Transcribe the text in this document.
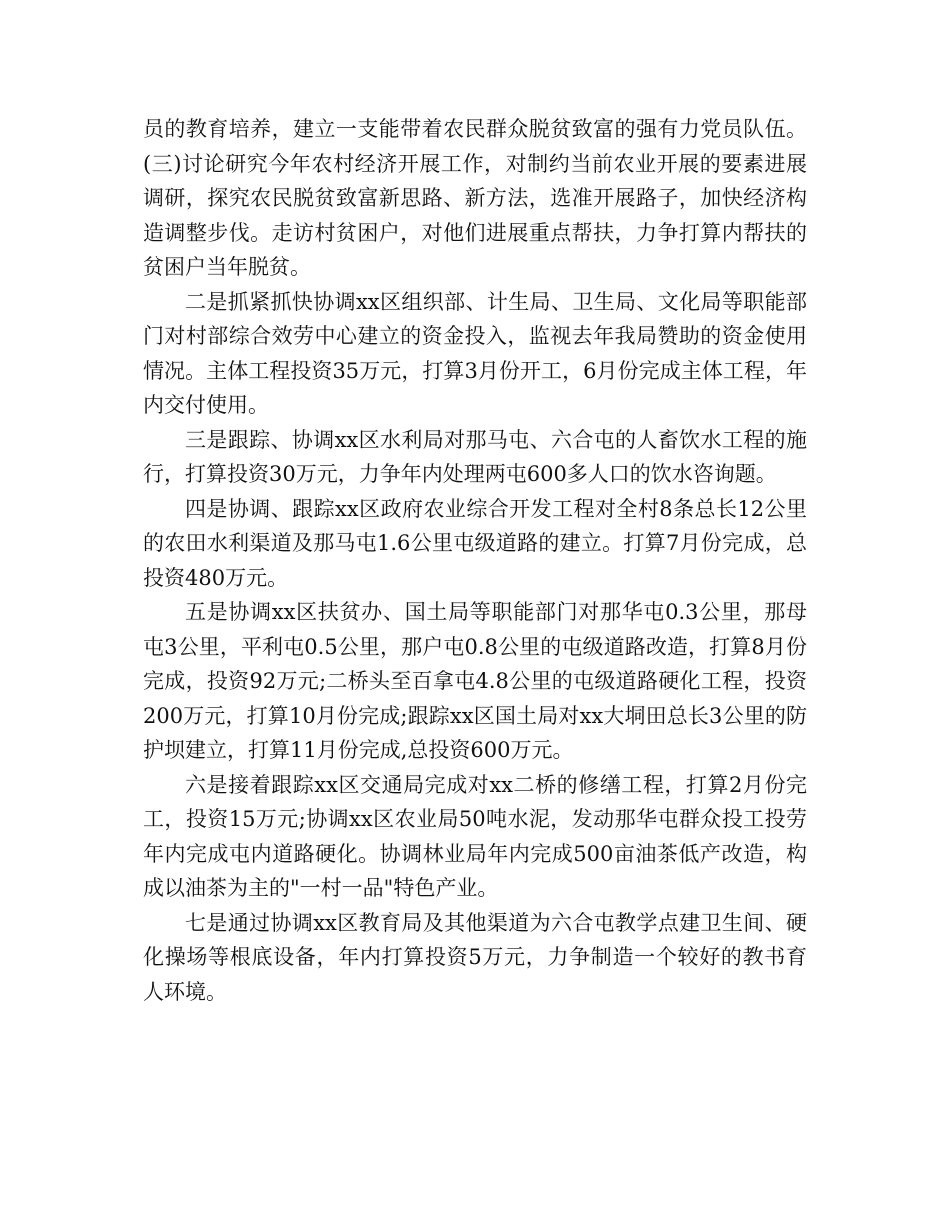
员的教育培养，建立一支能带着农民群众脱贫致富的强有力党员队伍。(三)讨论研究今年农村经济开展工作，对制约当前农业开展的要素进展调研，探究农民脱贫致富新思路、新方法，选准开展路子，加快经济构造调整步伐。走访村贫困户，对他们进展重点帮扶，力争打算内帮扶的贫困户当年脱贫。

二是抓紧抓快协调xx区组织部、计生局、卫生局、文化局等职能部门对村部综合效劳中心建立的资金投入，监视去年我局赞助的资金使用情况。主体工程投资35万元，打算3月份开工，6月份完成主体工程，年内交付使用。

三是跟踪、协调xx区水利局对那马屯、六合屯的人畜饮水工程的施行，打算投资30万元，力争年内处理两屯600多人口的饮水咨询题。

四是协调、跟踪xx区政府农业综合开发工程对全村8条总长12公里的农田水利渠道及那马屯1.6公里屯级道路的建立。打算7月份完成，总投资480万元。

五是协调xx区扶贫办、国土局等职能部门对那华屯0.3公里，那母屯3公里，平利屯0.5公里，那户屯0.8公里的屯级道路改造，打算8月份完成，投资92万元;二桥头至百拿屯4.8公里的屯级道路硬化工程，投资200万元，打算10月份完成;跟踪xx区国土局对xx大垌田总长3公里的防护坝建立，打算11月份完成,总投资600万元。

六是接着跟踪xx区交通局完成对xx二桥的修缮工程，打算2月份完工，投资15万元;协调xx区农业局50吨水泥，发动那华屯群众投工投劳年内完成屯内道路硬化。协调林业局年内完成500亩油茶低产改造，构成以油茶为主的"一村一品"特色产业。

七是通过协调xx区教育局及其他渠道为六合屯教学点建卫生间、硬化操场等根底设备，年内打算投资5万元，力争制造一个较好的教书育人环境。
